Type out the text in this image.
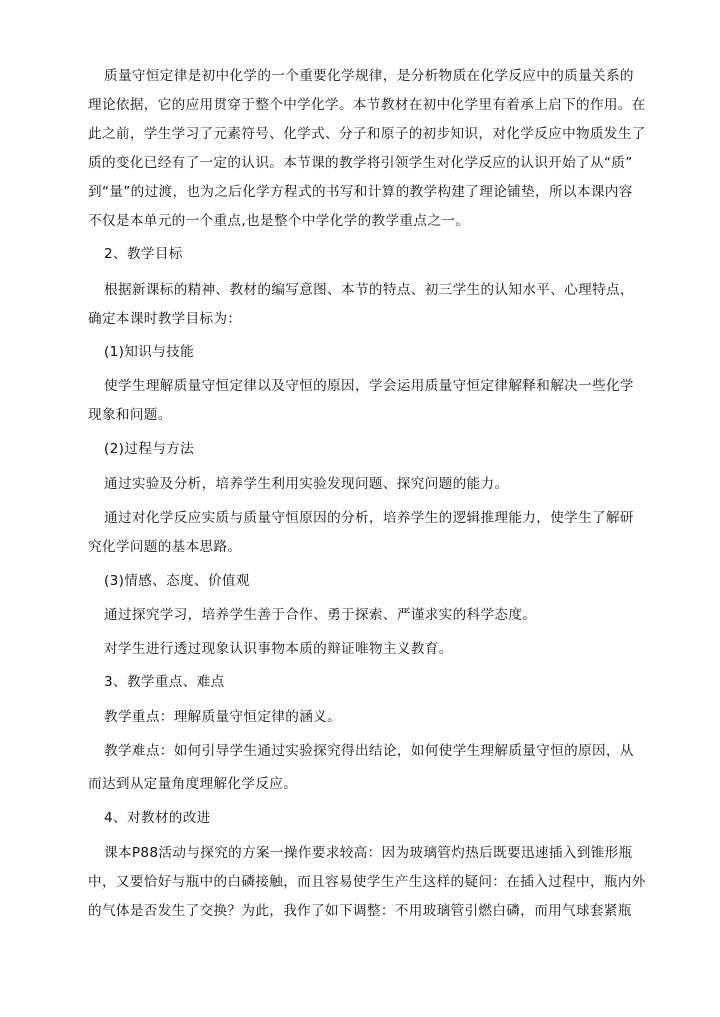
质量守恒定律是初中化学的一个重要化学规律，是分析物质在化学反应中的质量关系的
理论依据，它的应用贯穿于整个中学化学。本节教材在初中化学里有着承上启下的作用。在
此之前，学生学习了元素符号、化学式、分子和原子的初步知识，对化学反应中物质发生了
质的变化已经有了一定的认识。本节课的教学将引领学生对化学反应的认识开始了从“质”
到“量”的过渡，也为之后化学方程式的书写和计算的教学构建了理论铺垫，所以本课内容
不仅是本单元的一个重点,也是整个中学化学的教学重点之一。
2、教学目标
根据新课标的精神、教材的编写意图、本节的特点、初三学生的认知水平、心理特点，
确定本课时教学目标为：
(1)知识与技能
使学生理解质量守恒定律以及守恒的原因，学会运用质量守恒定律解释和解决一些化学
现象和问题。
(2)过程与方法
通过实验及分析，培养学生利用实验发现问题、探究问题的能力。
通过对化学反应实质与质量守恒原因的分析，培养学生的逻辑推理能力，使学生了解研
究化学问题的基本思路。
(3)情感、态度、价值观
通过探究学习，培养学生善于合作、勇于探索、严谨求实的科学态度。
对学生进行透过现象认识事物本质的辩证唯物主义教育。
3、教学重点、难点
教学重点：理解质量守恒定律的涵义。
教学难点：如何引导学生通过实验探究得出结论，如何使学生理解质量守恒的原因，从
而达到从定量角度理解化学反应。
4、对教材的改进
课本P88活动与探究的方案一操作要求较高：因为玻璃管灼热后既要迅速插入到锥形瓶
中，又要恰好与瓶中的白磷接触，而且容易使学生产生这样的疑问：在插入过程中，瓶内外
的气体是否发生了交换？为此，我作了如下调整：不用玻璃管引燃白磷，而用气球套紧瓶
